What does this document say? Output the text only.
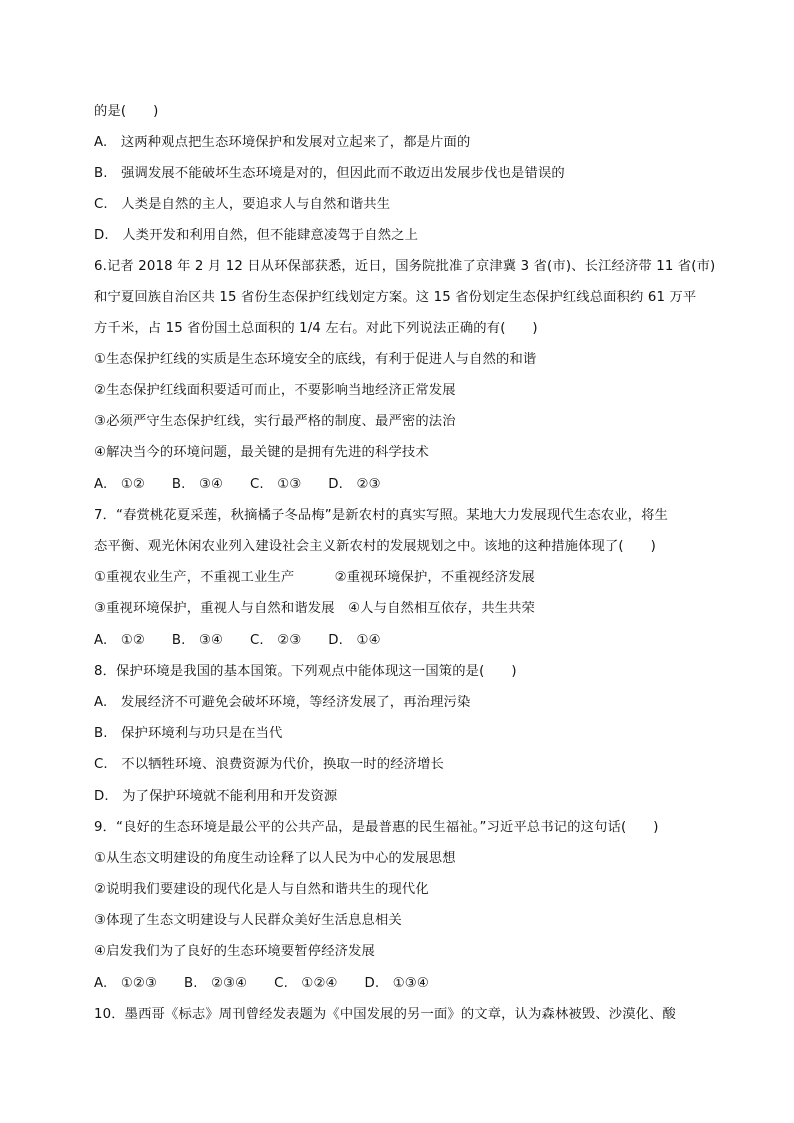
的是(　　)
A.　这两种观点把生态环境保护和发展对立起来了，都是片面的
B.　强调发展不能破坏生态环境是对的，但因此而不敢迈出发展步伐也是错误的
C.　人类是自然的主人，要追求人与自然和谐共生
D.　人类开发和利用自然，但不能肆意凌驾于自然之上
6.记者 2018 年 2 月 12 日从环保部获悉，近日，国务院批准了京津冀 3 省(市)、长江经济带 11 省(市)
和宁夏回族自治区共 15 省份生态保护红线划定方案。这 15 省份划定生态保护红线总面积约 61 万平
方千米，占 15 省份国土总面积的 1/4 左右。对此下列说法正确的有(　　)
①生态保护红线的实质是生态环境安全的底线，有利于促进人与自然的和谐
②生态保护红线面积要适可而止，不要影响当地经济正常发展
③必须严守生态保护红线，实行最严格的制度、最严密的法治
④解决当今的环境问题，最关键的是拥有先进的科学技术
A.　①②　　B.　③④　　C.　①③　　D.　②③
7．“春赏桃花夏采莲，秋摘橘子冬品梅”是新农村的真实写照。某地大力发展现代生态农业，将生
态平衡、观光休闲农业列入建设社会主义新农村的发展规划之中。该地的这种措施体现了(　　)
①重视农业生产，不重视工业生产　　　②重视环境保护，不重视经济发展
③重视环境保护，重视人与自然和谐发展　④人与自然相互依存，共生共荣
A.　①②　　B.　③④　　C.　②③　　D.　①④
8．保护环境是我国的基本国策。下列观点中能体现这一国策的是(　　)
A.　发展经济不可避免会破坏环境，等经济发展了，再治理污染
B.　保护环境利与功只是在当代
C.　不以牺牲环境、浪费资源为代价，换取一时的经济增长
D.　为了保护环境就不能利用和开发资源
9．“良好的生态环境是最公平的公共产品，是最普惠的民生福祉。”习近平总书记的这句话(　　)
①从生态文明建设的角度生动诠释了以人民为中心的发展思想
②说明我们要建设的现代化是人与自然和谐共生的现代化
③体现了生态文明建设与人民群众美好生活息息相关
④启发我们为了良好的生态环境要暂停经济发展
A.　①②③　　B.　②③④　　C.　①②④　　D.　①③④
10．墨西哥《标志》周刊曾经发表题为《中国发展的另一面》的文章，认为森林被毁、沙漠化、酸
